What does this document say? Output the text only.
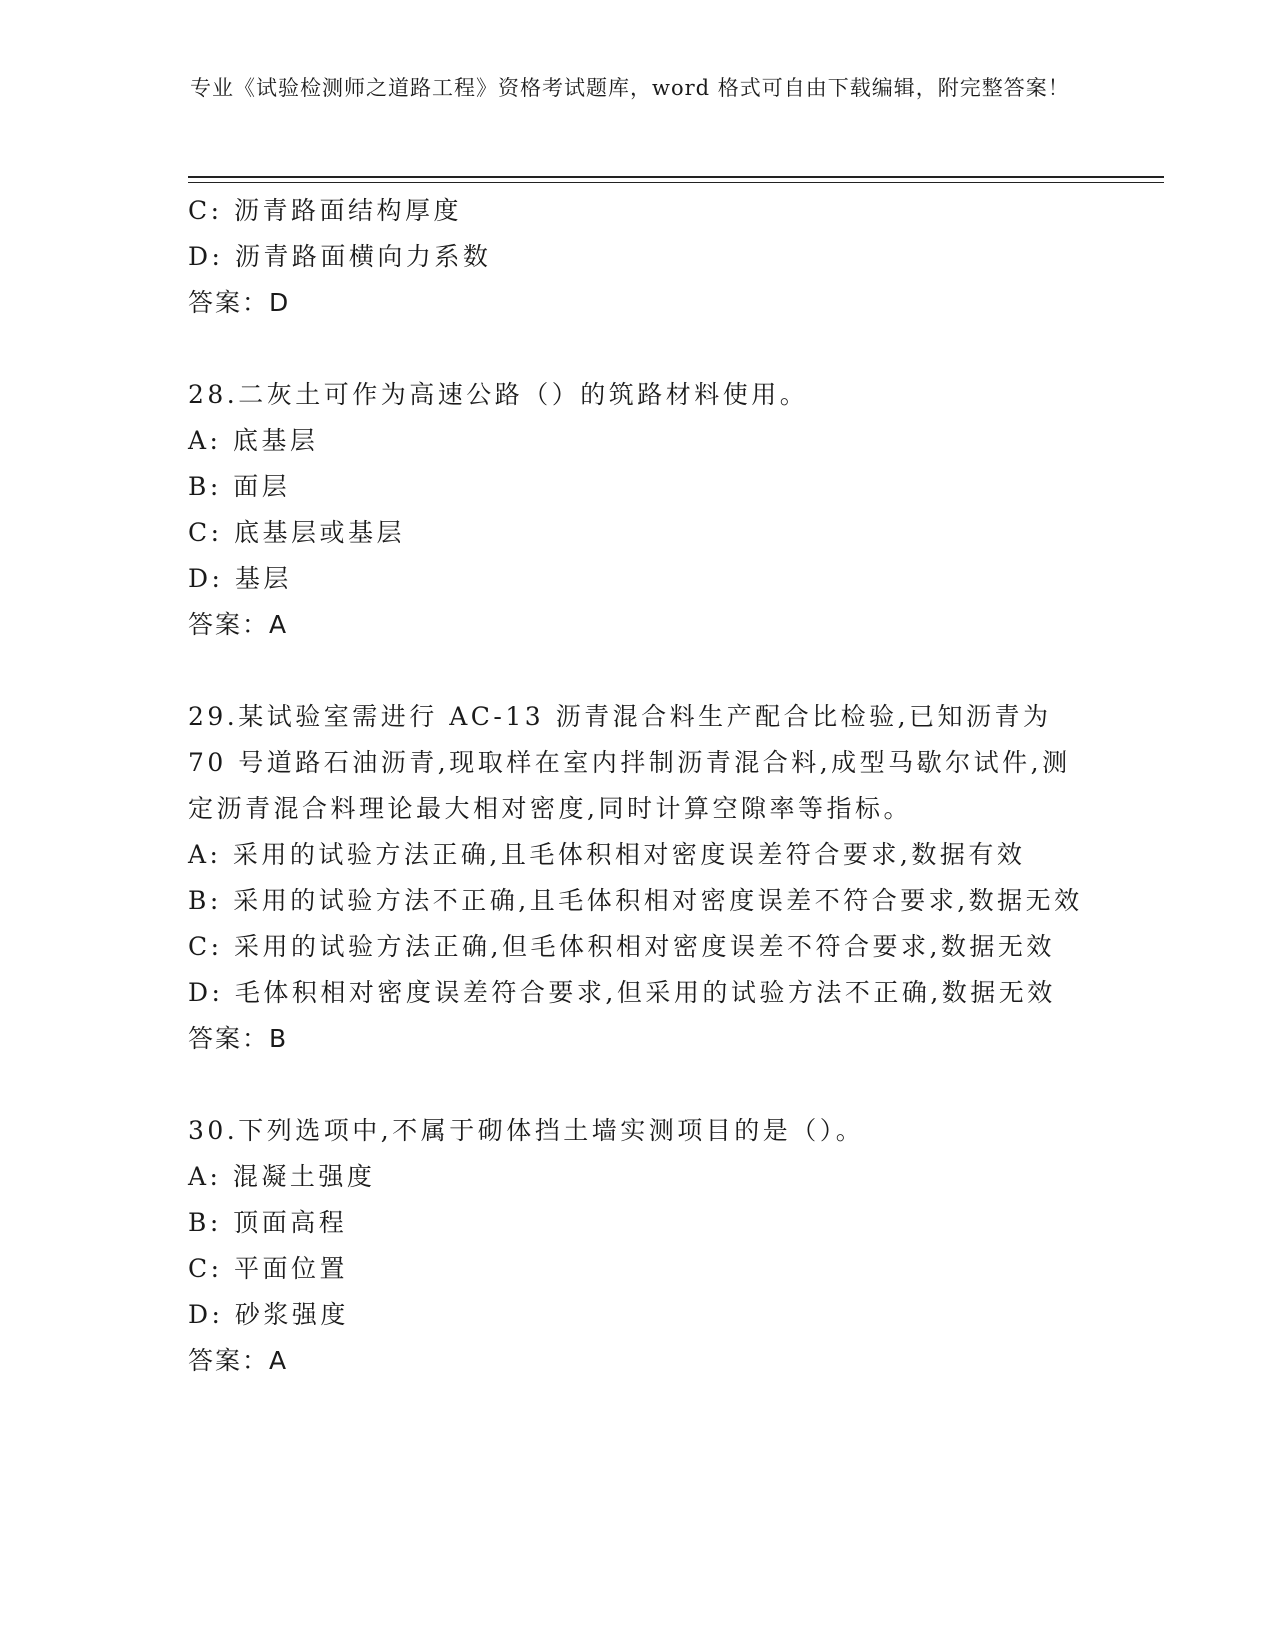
专业《试验检测师之道路工程》资格考试题库，word 格式可自由下载编辑，附完整答案！
C: 沥青路面结构厚度
D: 沥青路面横向力系数
答案：D
28.二灰土可作为高速公路（）的筑路材料使用。
A: 底基层
B: 面层
C: 底基层或基层
D: 基层
答案：A
29.某试验室需进行 AC-13 沥青混合料生产配合比检验,已知沥青为 70 号道路石油沥青,现取样在室内拌制沥青混合料,成型马歇尔试件,测定沥青混合料理论最大相对密度,同时计算空隙率等指标。
A: 采用的试验方法正确,且毛体积相对密度误差符合要求,数据有效
B: 采用的试验方法不正确,且毛体积相对密度误差不符合要求,数据无效
C: 采用的试验方法正确,但毛体积相对密度误差不符合要求,数据无效
D: 毛体积相对密度误差符合要求,但采用的试验方法不正确,数据无效
答案：B
30.下列选项中,不属于砌体挡土墙实测项目的是（）。
A: 混凝土强度
B: 顶面高程
C: 平面位置
D: 砂浆强度
答案：A
